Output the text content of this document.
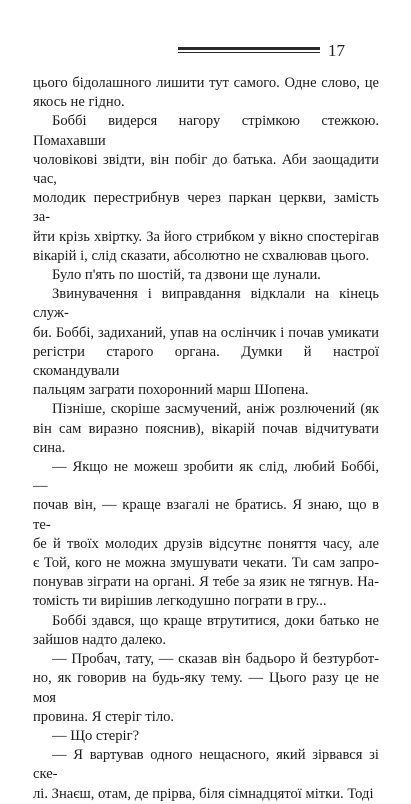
17

цього бідолашного лишити тут самого. Одне слово, це

якось не гідно.

Боббі видерся нагору стрімкою стежкою. Помахавши

чоловікові звідти, він побіг до батька. Аби заощадити час,

молодик перестрибнув через паркан церкви, замість за-

йти крізь хвіртку. За його стрибком у вікно спостерігав

вікарій і, слід сказати, абсолютно не схвалював цього.

Було п'ять по шостій, та дзвони ще лунали.

Звинувачення і виправдання відклали на кінець служ-

би. Боббі, задиханий, упав на ослінчик і почав умикати

регістри старого органа. Думки й настрої скомандували

пальцям заграти похоронний марш Шопена.

Пізніше, скоріше засмучений, аніж розлючений (як

він сам виразно пояснив), вікарій почав відчитувати

сина.

— Якщо не можеш зробити як слід, любий Боббі, —

почав він, — краще взагалі не братись. Я знаю, що в те-

бе й твоїх молодих друзів відсутнє поняття часу, але

є Той, кого не можна змушувати чекати. Ти сам запро-

понував зіграти на органі. Я тебе за язик не тягнув. На-

томість ти вирішив легкодушно пограти в гру...

Боббі здався, що краще втрутитися, доки батько не

зайшов надто далеко.

— Пробач, тату, — сказав він бадьоро й безтурбот-

но, як говорив на будь-яку тему. — Цього разу це не моя

провина. Я стеріг тіло.

— Що стеріг?

— Я вартував одного нещасного, який зірвався зі ске-

лі. Знаєш, отам, де прірва, біля сімнадцятої мітки. Тоді
